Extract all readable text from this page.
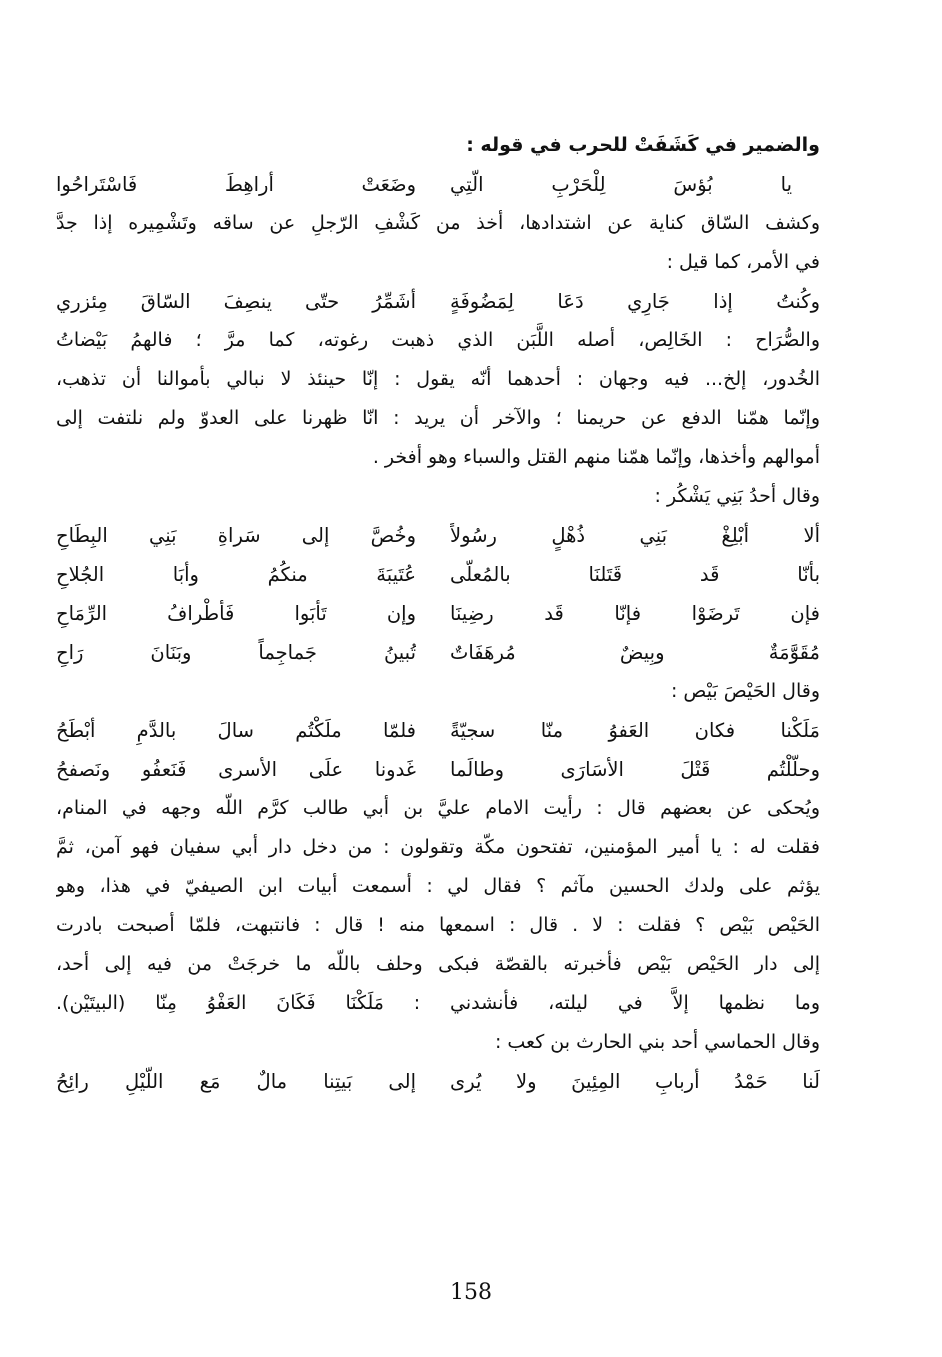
والضمير في كَشَفَتْ للحرب في قوله :
يا بُؤسَ لِلْحَرْبِ الّتِي
وضَعَتْ أراهِطَ فَاسْتَراحُوا
وكشف السّاق كناية عن اشتدادها، أخذ من كَشْفِ الرّجلِ عن ساقه وتَشْمِيره إذا جدَّ
في الأمر، كما قيل :
وكُنتُ إذا جَارِي دَعَا لِمَضُوفَةٍ
أشَمِّرُ حتّى ينصِفَ السّاقَ مِئزري
والصُّرَاح : الخَالِص، أصله اللَّبَن الذي ذهبت رغوته، كما مرَّ ؛ فالهمُ بَيْضاتُ
الخُدور، إلخ... فيه وجهان : أحدهما أنّه يقول : إنّا حينئذ لا نبالي بأموالنا أن تذهب،
وإنّما همّنا الدفع عن حريمنا ؛ والآخر أن يريد : انّا ظهرنا على العدوّ ولم نلتفت إلى
أموالهم وأخذها، وإنّما همّنا منهم القتل والسباء وهو أفخر .
وقال أحدُ بَنِي يَشْكُر :
ألا أبْلِغْ بَنِي ذُهْلٍ رسُولاً
وخُصَّ إلى سَراةِ بَنِي البِطَاحِ
بأنّا قَد قَتَلنَا بالمُعلّى
عُتَيبَةَ منكُمُ وأبَا الجُلاحِ
فإن تَرضَوْا فإنّا قَد رضِينَا
وإن تَأبَوا فَأطْرافُ الرِّمَاحِ
مُقَوَّمَةٌ وبِيضٌ مُرهَفَاتٌ
تُبينُ جَماجِماً وبَنَانَ رَاحِ
وقال الحَيْصَ بَيْص :
مَلَكْنا فكان العَفوُ منّا سجيّةً
فلمّا ملَكْتُم سالَ بالدَّمِ أبْطَحُ
وحلّلْتُم قَتْلَ الأسَارَى وطالَما
غَدونا علَى الأسرى فَنَعفُو ونَصفحُ
ويُحكى عن بعضهم قال : رأيت الامام عليَّ بن أبي طالب كرَّم اللّه وجهه في المنام،
فقلت له : يا أمير المؤمنين، تفتحون مكّة وتقولون : من دخل دار أبي سفيان فهو آمن، ثمَّ
يؤثم على ولدك الحسين مآثم ؟ فقال لي : أسمعت أبيات ابن الصيفيّ في هذا، وهو
الحَيْص بَيْص ؟ فقلت : لا . قال : اسمعها منه ! قال : فانتبهت، فلمّا أصبحت بادرت
إلى دار الحَيْص بَيْص فأخبرته بالقصّة فبكى وحلف باللّه ما خرجَتْ من فيه إلى أحد،
وما نظمها إلاَّ في ليلته، فأنشدني : مَلَكْنَا فَكَانَ العَفْوُ مِنّا (البيتَيْن).
وقال الحماسي أحد بني الحارث بن كعب :
لَنا حَمْدُ أربابِ المِئِينَ ولا يُرى
إلى بَيتِنا مالٌ مَع اللّيْلِ رائِحُ
158
